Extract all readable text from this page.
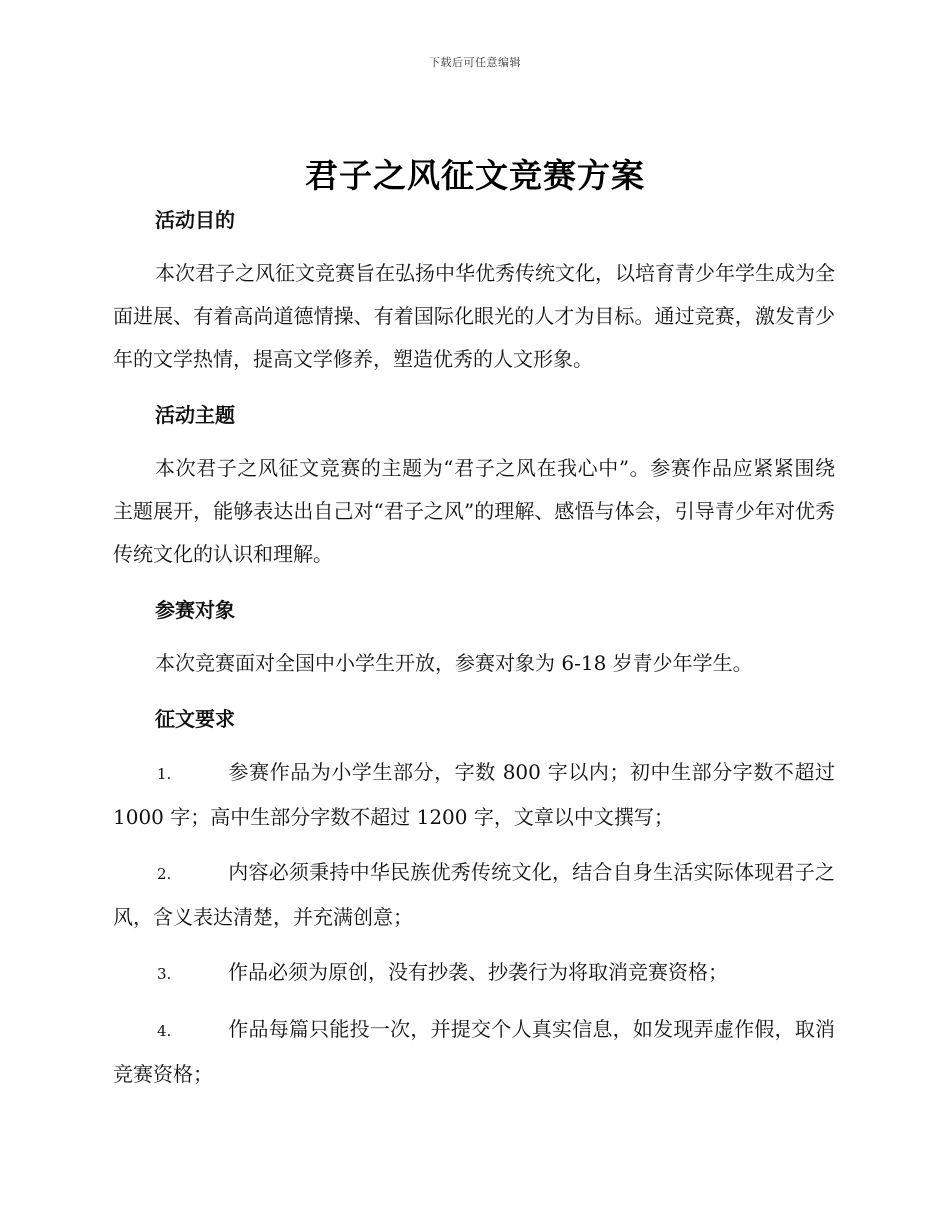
下载后可任意编辑
君子之风征文竞赛方案
活动目的

本次君子之风征文竞赛旨在弘扬中华优秀传统文化，以培育青少年学生成为全面进展、有着高尚道德情操、有着国际化眼光的人才为目标。通过竞赛，激发青少年的文学热情，提高文学修养，塑造优秀的人文形象。

活动主题

本次君子之风征文竞赛的主题为“君子之风在我心中”。参赛作品应紧紧围绕主题展开，能够表达出自己对“君子之风”的理解、感悟与体会，引导青少年对优秀传统文化的认识和理解。

参赛对象

本次竞赛面对全国中小学生开放，参赛对象为 6-18 岁青少年学生。

征文要求

1.	参赛作品为小学生部分，字数 800 字以内；初中生部分字数不超过 1000 字；高中生部分字数不超过 1200 字，文章以中文撰写；

2.	内容必须秉持中华民族优秀传统文化，结合自身生活实际体现君子之风，含义表达清楚，并充满创意；

3.	作品必须为原创，没有抄袭、抄袭行为将取消竞赛资格；

4.	作品每篇只能投一次，并提交个人真实信息，如发现弄虚作假，取消竞赛资格；
